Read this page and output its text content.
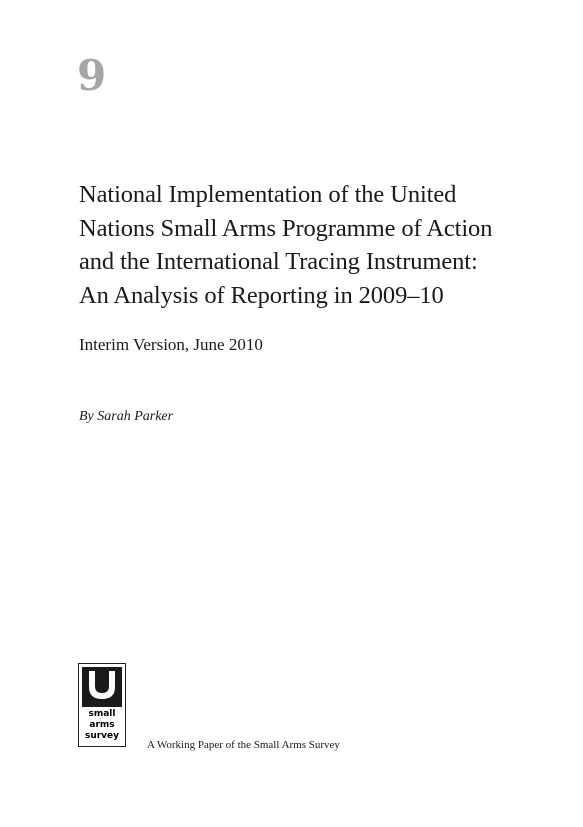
9
National Implementation of the United
Nations Small Arms Programme of Action
and the International Tracing Instrument:
An Analysis of Reporting in 2009–10
Interim Version, June 2010
By Sarah Parker
small
arms
survey
A Working Paper of the Small Arms Survey
